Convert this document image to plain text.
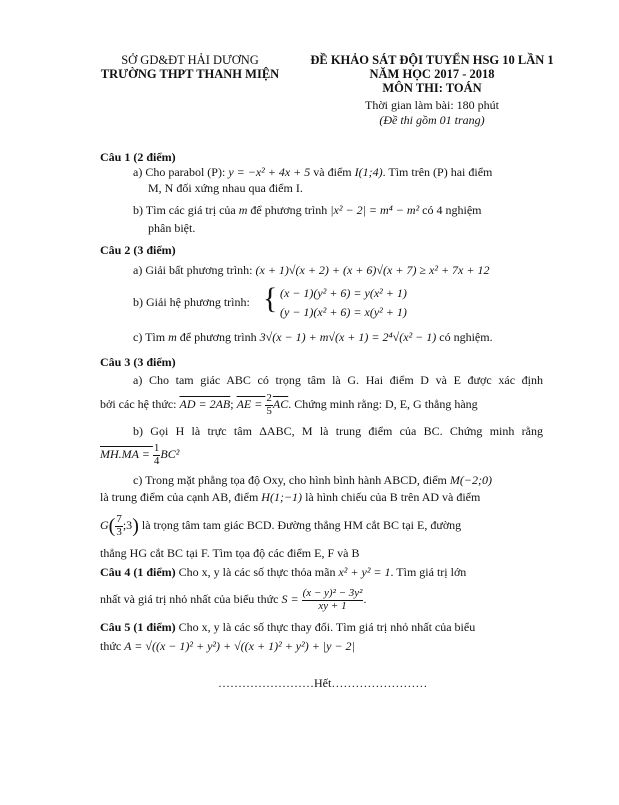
SỞ GD&ĐT HẢI DƯƠNG
TRƯỜNG THPT THANH MIỆN
ĐỀ KHẢO SÁT ĐỘI TUYỂN HSG 10 LẦN 1
NĂM HỌC 2017 - 2018
MÔN THI: TOÁN
Thời gian làm bài: 180 phút
(Đề thi gồm 01 trang)
Câu 1 (2 điểm)
a) Cho parabol (P): y = −x² + 4x + 5 và điểm I(1;4). Tìm trên (P) hai điểm
M, N đối xứng nhau qua điểm I.
b) Tìm các giá trị của m để phương trình |x² − 2| = m⁴ − m² có 4 nghiệm
phân biệt.
Câu 2 (3 điểm)
a) Giải bất phương trình: (x + 1)√(x + 2) + (x + 6)√(x + 7) ≥ x² + 7x + 12
b) Giải hệ phương trình: { (x − 1)(y² + 6) = y(x² + 1)
(y − 1)(x² + 6) = x(y² + 1)
c) Tìm m để phương trình 3√(x − 1) + m√(x + 1) = 2⁴√(x² − 1) có nghiệm.
Câu 3 (3 điểm)
a) Cho tam giác ABC có trọng tâm là G. Hai điểm D và E được xác định
bởi các hệ thức: AD = 2AB; AE = $\frac{2}{5} \overline{AC}$. Chứng minh rằng: D, E, G thẳng hàng
b) Gọi H là trực tâm ΔABC, M là trung điểm của BC. Chứng minh rằng
$MH.MA = \frac{1}{4} BC^2$
c) Trong mặt phẳng tọa độ Oxy, cho hình bình hành ABCD, điểm M(−2;0)
là trung điểm của cạnh AB, điểm H(1;−1) là hình chiếu của B trên AD và điểm
$G( \frac{7}{3}$ ;3) là trọng tâm tam giác BCD. Đường thẳng HM cắt BC tại E, đường
thẳng HG cắt BC tại F. Tìm tọa độ các điểm E, F và B
Câu 4 (1 điểm) Cho x, y là các số thực thỏa mãn x² + y² = 1. Tìm giá trị lớn
nhất và giá trị nhỏ nhất của biểu thức $S = \frac{\text{(x − y)² − 3y²}}{xy + 1}$ .
Câu 5 (1 điểm) Cho x, y là các số thực thay đổi. Tìm giá trị nhỏ nhất của biểu
thức A = √((x − 1)² + y²) + √((x + 1)² + y²) + |y − 2|
……………………Hết……………………
